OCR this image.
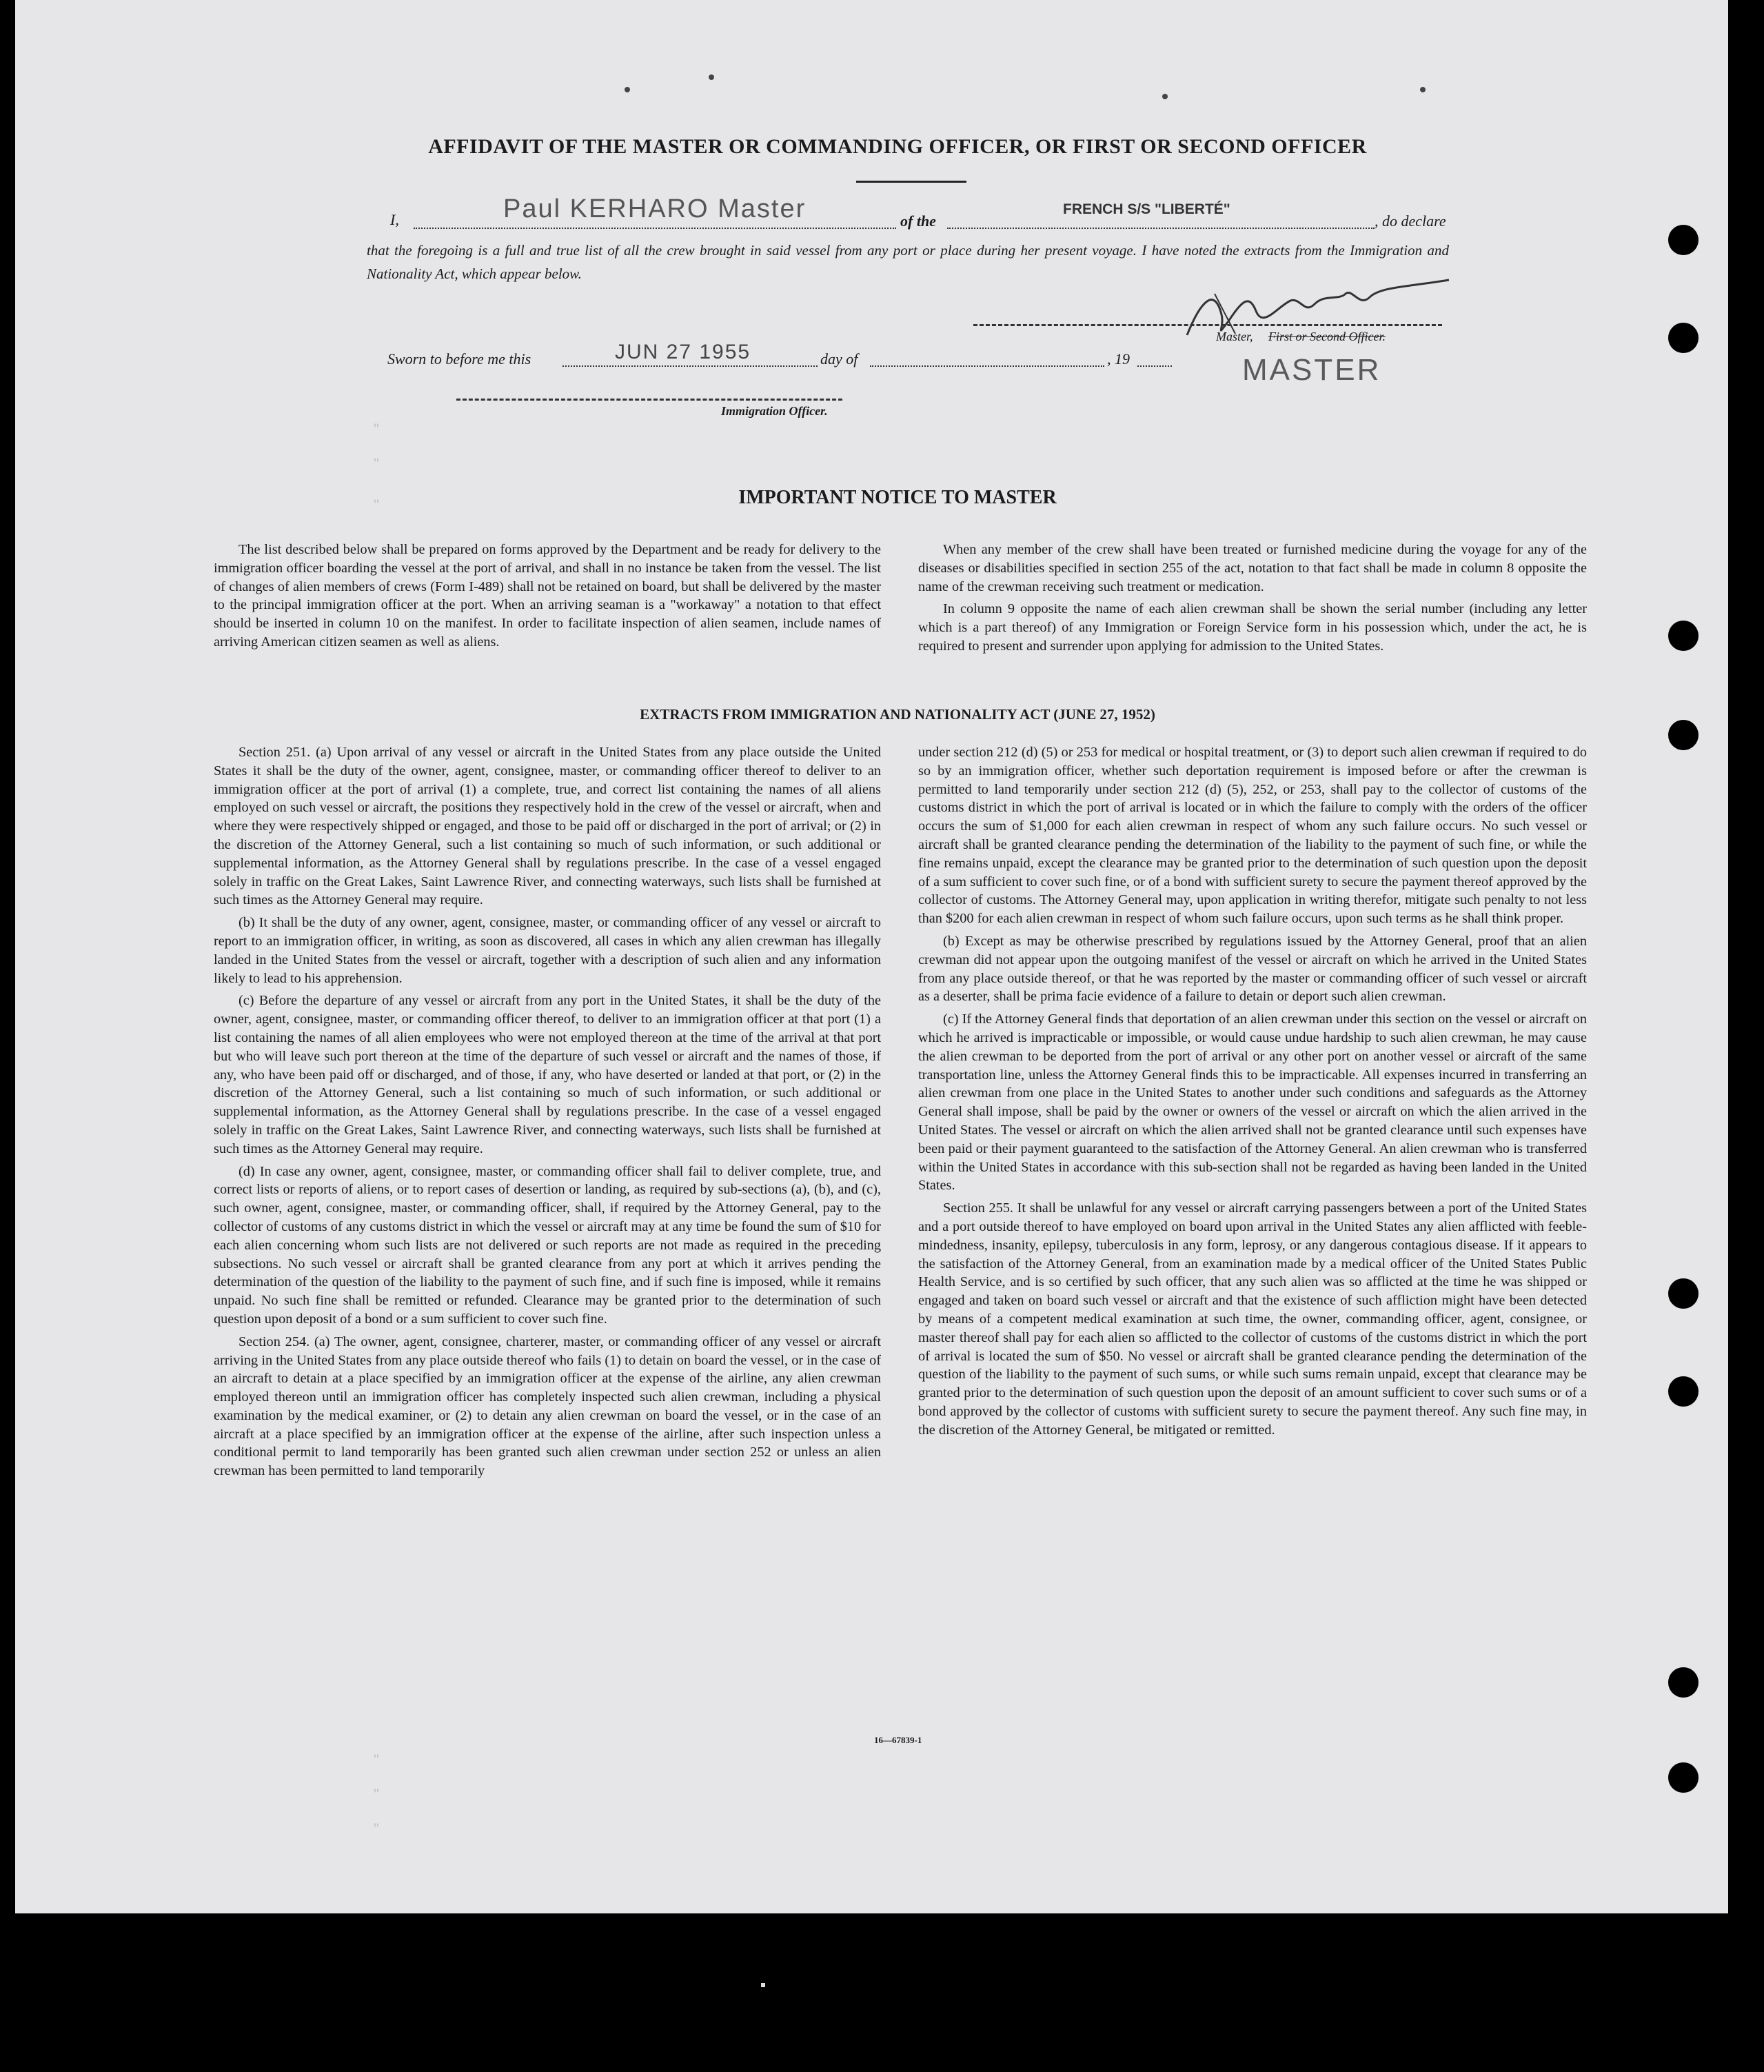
"
"
"
"
"
"
AFFIDAVIT OF THE MASTER OR COMMANDING OFFICER, OR FIRST OR SECOND OFFICER
I,	Paul KERHARO Master	of the
FRENCH S/S "LIBERTÉ"
, do declare
that the foregoing is a full and true list of all the crew brought in said vessel from any port or place during her present voyage. I have noted the extracts from the Immigration and Nationality Act, which appear below.
Master, First or Second Officer.
MASTER
Sworn to before me this	JUN 27 1955	day of	, 19
Immigration Officer.
IMPORTANT NOTICE TO MASTER

The list described below shall be prepared on forms approved by the Department and be ready for delivery to the immigration officer boarding the vessel at the port of arrival, and shall in no instance be taken from the vessel. The list of changes of alien members of crews (Form I-489) shall not be retained on board, but shall be delivered by the master to the principal immigration officer at the port. When an arriving seaman is a "workaway" a notation to that effect should be inserted in column 10 on the manifest. In order to facilitate inspection of alien seamen, include names of arriving American citizen seamen as well as aliens.

When any member of the crew shall have been treated or furnished medicine during the voyage for any of the diseases or disabilities specified in section 255 of the act, notation to that fact shall be made in column 8 opposite the name of the crewman receiving such treatment or medication.

In column 9 opposite the name of each alien crewman shall be shown the serial number (including any letter which is a part thereof) of any Immigration or Foreign Service form in his possession which, under the act, he is required to present and surrender upon applying for admission to the United States.

EXTRACTS FROM IMMIGRATION AND NATIONALITY ACT (JUNE 27, 1952)

Section 251. (a) Upon arrival of any vessel or aircraft in the United States from any place outside the United States it shall be the duty of the owner, agent, consignee, master, or commanding officer thereof to deliver to an immigration officer at the port of arrival (1) a complete, true, and correct list containing the names of all aliens employed on such vessel or aircraft, the positions they respectively hold in the crew of the vessel or aircraft, when and where they were respectively shipped or engaged, and those to be paid off or discharged in the port of arrival; or (2) in the discretion of the Attorney General, such a list containing so much of such information, or such additional or supplemental information, as the Attorney General shall by regulations prescribe. In the case of a vessel engaged solely in traffic on the Great Lakes, Saint Lawrence River, and connecting waterways, such lists shall be furnished at such times as the Attorney General may require.

(b) It shall be the duty of any owner, agent, consignee, master, or commanding officer of any vessel or aircraft to report to an immigration officer, in writing, as soon as discovered, all cases in which any alien crewman has illegally landed in the United States from the vessel or aircraft, together with a description of such alien and any information likely to lead to his apprehension.

(c) Before the departure of any vessel or aircraft from any port in the United States, it shall be the duty of the owner, agent, consignee, master, or commanding officer thereof, to deliver to an immigration officer at that port (1) a list containing the names of all alien employees who were not employed thereon at the time of the arrival at that port but who will leave such port thereon at the time of the departure of such vessel or aircraft and the names of those, if any, who have been paid off or discharged, and of those, if any, who have deserted or landed at that port, or (2) in the discretion of the Attorney General, such a list containing so much of such information, or such additional or supplemental information, as the Attorney General shall by regulations prescribe. In the case of a vessel engaged solely in traffic on the Great Lakes, Saint Lawrence River, and connecting waterways, such lists shall be furnished at such times as the Attorney General may require.

(d) In case any owner, agent, consignee, master, or commanding officer shall fail to deliver complete, true, and correct lists or reports of aliens, or to report cases of desertion or landing, as required by sub-sections (a), (b), and (c), such owner, agent, consignee, master, or commanding officer, shall, if required by the Attorney General, pay to the collector of customs of any customs district in which the vessel or aircraft may at any time be found the sum of $10 for each alien concerning whom such lists are not delivered or such reports are not made as required in the preceding subsections. No such vessel or aircraft shall be granted clearance from any port at which it arrives pending the determination of the question of the liability to the payment of such fine, and if such fine is imposed, while it remains unpaid. No such fine shall be remitted or refunded. Clearance may be granted prior to the determination of such question upon deposit of a bond or a sum sufficient to cover such fine.

Section 254. (a) The owner, agent, consignee, charterer, master, or commanding officer of any vessel or aircraft arriving in the United States from any place outside thereof who fails (1) to detain on board the vessel, or in the case of an aircraft to detain at a place specified by an immigration officer at the expense of the airline, any alien crewman employed thereon until an immigration officer has completely inspected such alien crewman, including a physical examination by the medical examiner, or (2) to detain any alien crewman on board the vessel, or in the case of an aircraft at a place specified by an immigration officer at the expense of the airline, after such inspection unless a conditional permit to land temporarily has been granted such alien crewman under section 252 or unless an alien crewman has been permitted to land temporarily

under section 212 (d) (5) or 253 for medical or hospital treatment, or (3) to deport such alien crewman if required to do so by an immigration officer, whether such deportation requirement is imposed before or after the crewman is permitted to land temporarily under section 212 (d) (5), 252, or 253, shall pay to the collector of customs of the customs district in which the port of arrival is located or in which the failure to comply with the orders of the officer occurs the sum of $1,000 for each alien crewman in respect of whom any such failure occurs. No such vessel or aircraft shall be granted clearance pending the determination of the liability to the payment of such fine, or while the fine remains unpaid, except the clearance may be granted prior to the determination of such question upon the deposit of a sum sufficient to cover such fine, or of a bond with sufficient surety to secure the payment thereof approved by the collector of customs. The Attorney General may, upon application in writing therefor, mitigate such penalty to not less than $200 for each alien crewman in respect of whom such failure occurs, upon such terms as he shall think proper.

(b) Except as may be otherwise prescribed by regulations issued by the Attorney General, proof that an alien crewman did not appear upon the outgoing manifest of the vessel or aircraft on which he arrived in the United States from any place outside thereof, or that he was reported by the master or commanding officer of such vessel or aircraft as a deserter, shall be prima facie evidence of a failure to detain or deport such alien crewman.

(c) If the Attorney General finds that deportation of an alien crewman under this section on the vessel or aircraft on which he arrived is impracticable or impossible, or would cause undue hardship to such alien crewman, he may cause the alien crewman to be deported from the port of arrival or any other port on another vessel or aircraft of the same transportation line, unless the Attorney General finds this to be impracticable. All expenses incurred in transferring an alien crewman from one place in the United States to another under such conditions and safeguards as the Attorney General shall impose, shall be paid by the owner or owners of the vessel or aircraft on which the alien arrived in the United States. The vessel or aircraft on which the alien arrived shall not be granted clearance until such expenses have been paid or their payment guaranteed to the satisfaction of the Attorney General. An alien crewman who is transferred within the United States in accordance with this sub-section shall not be regarded as having been landed in the United States.

Section 255. It shall be unlawful for any vessel or aircraft carrying passengers between a port of the United States and a port outside thereof to have employed on board upon arrival in the United States any alien afflicted with feeble-mindedness, insanity, epilepsy, tuberculosis in any form, leprosy, or any dangerous contagious disease. If it appears to the satisfaction of the Attorney General, from an examination made by a medical officer of the United States Public Health Service, and is so certified by such officer, that any such alien was so afflicted at the time he was shipped or engaged and taken on board such vessel or aircraft and that the existence of such affliction might have been detected by means of a competent medical examination at such time, the owner, commanding officer, agent, consignee, or master thereof shall pay for each alien so afflicted to the collector of customs of the customs district in which the port of arrival is located the sum of $50. No vessel or aircraft shall be granted clearance pending the determination of the question of the liability to the payment of such sums, or while such sums remain unpaid, except that clearance may be granted prior to the determination of such question upon the deposit of an amount sufficient to cover such sums or of a bond approved by the collector of customs with sufficient surety to secure the payment thereof. Any such fine may, in the discretion of the Attorney General, be mitigated or remitted.

16—67839-1
